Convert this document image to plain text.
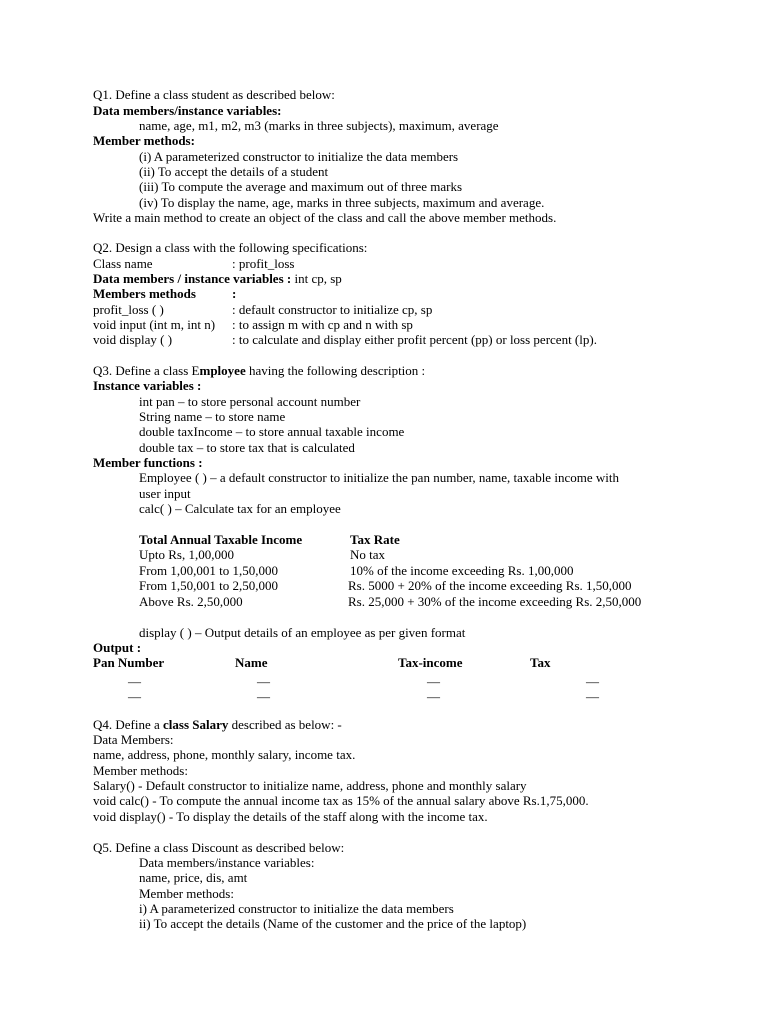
Q1. Define a class student as described below:
Data members/instance variables:
name, age, m1, m2, m3 (marks in three subjects), maximum, average
Member methods:
(i) A parameterized constructor to initialize the data members
(ii) To accept the details of a student
(iii) To compute the average and maximum out of three marks
(iv) To display the name, age, marks in three subjects, maximum and average.
Write a main method to create an object of the class and call the above member methods.
Q2. Design a class with the following specifications:
Class name	: profit_loss
Data members / instance variables : int cp, sp
Members methods	:
profit_loss ( )	: default constructor to initialize cp, sp
void input (int m, int n) : to assign m with cp and n with sp
void display ( )	: to calculate and display either profit percent (pp) or loss percent (lp).
Q3. Define a class Employee having the following description :
Instance variables :
int pan – to store personal account number
String name – to store name
double taxIncome – to store annual taxable income
double tax – to store tax that is calculated
Member functions :
Employee ( ) – a default constructor to initialize the pan number, name, taxable income with
user input
calc( ) – Calculate tax for an employee
Total Annual Taxable Income	Tax Rate
Upto Rs, 1,00,000	No tax
From 1,00,001 to 1,50,000	10% of the income exceeding Rs. 1,00,000
From 1,50,001 to 2,50,000	Rs. 5000 + 20% of the income exceeding Rs. 1,50,000
Above Rs. 2,50,000	Rs. 25,000 + 30% of the income exceeding Rs. 2,50,000
display ( ) – Output details of an employee as per given format
Output :
Pan Number	Name	Tax-income	Tax
—	—	—	—
—	—	—	—
Q4. Define a class Salary described as below: -
Data Members:
name, address, phone, monthly salary, income tax.
Member methods:
Salary() - Default constructor to initialize name, address, phone and monthly salary
void calc() - To compute the annual income tax as 15% of the annual salary above Rs.1,75,000.
void display() - To display the details of the staff along with the income tax.
Q5. Define a class Discount as described below:
Data members/instance variables:
name, price, dis, amt
Member methods:
i) A parameterized constructor to initialize the data members
ii) To accept the details (Name of the customer and the price of the laptop)
